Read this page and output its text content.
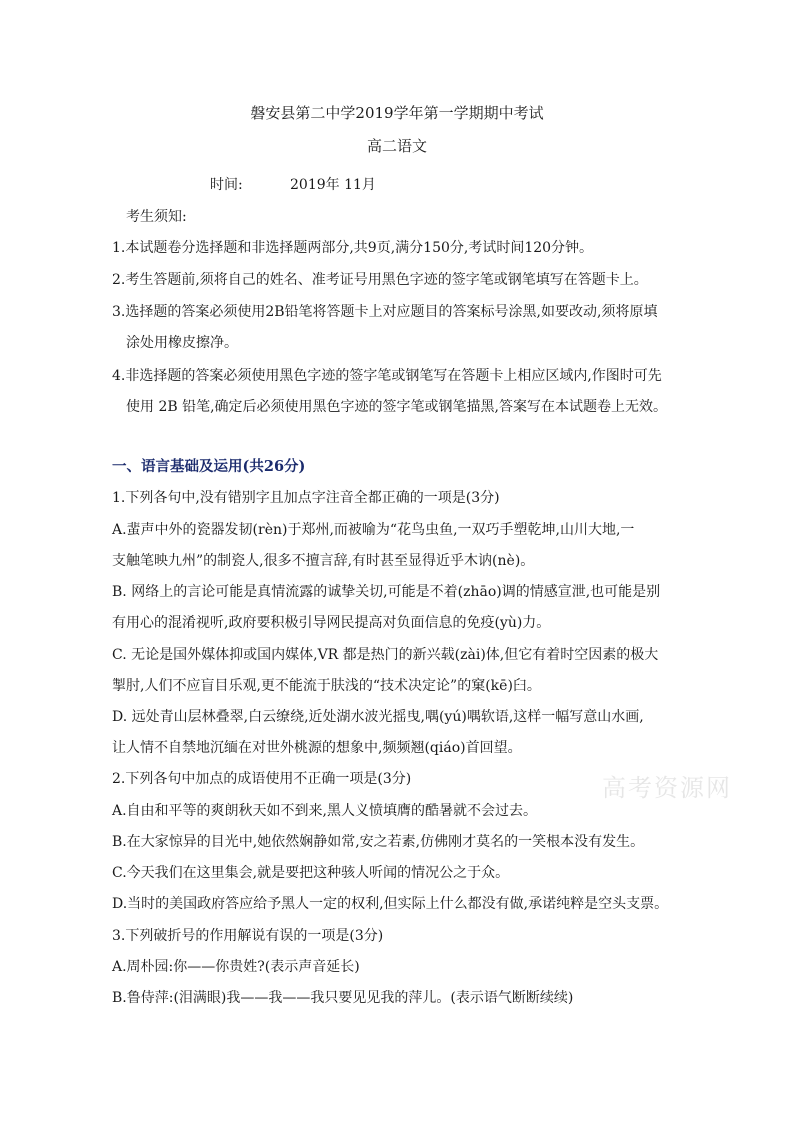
磐安县第二中学2019学年第一学期期中考试
高二语文
时间:	2019年 11月
考生须知:
1.本试题卷分选择题和非选择题两部分,共9页,满分150分,考试时间120分钟。
2.考生答题前,须将自己的姓名、准考证号用黑色字迹的签字笔或钢笔填写在答题卡上。
3.选择题的答案必须使用2B铅笔将答题卡上对应题目的答案标号涂黑,如要改动,须将原填
涂处用橡皮擦净。
4.非选择题的答案必须使用黑色字迹的签字笔或钢笔写在答题卡上相应区域内,作图时可先
使用 2B 铅笔,确定后必须使用黑色字迹的签字笔或钢笔描黑,答案写在本试题卷上无效。
一、语言基础及运用(共26分)
1.下列各句中,没有错别字且加点字注音全都正确的一项是(3分)
A.蜚声中外的瓷器发韧(rèn)于郑州,而被喻为“花鸟虫鱼,一双巧手塑乾坤,山川大地,一
支触笔映九州”的制瓷人,很多不擅言辞,有时甚至显得近乎木讷(nè)。
B. 网络上的言论可能是真情流露的诚挚关切,可能是不着(zhāo)调的情感宣泄,也可能是别
有用心的混淆视听,政府要积极引导网民提高对负面信息的免疫(yù)力。
C. 无论是国外媒体抑或国内媒体,VR 都是热门的新兴载(zài)体,但它有着时空因素的极大
掣肘,人们不应盲目乐观,更不能流于肤浅的“技术决定论”的窠(kē)臼。
D. 远处青山层林叠翠,白云缭绕,近处湖水波光摇曳,喁(yú)喁软语,这样一幅写意山水画,
让人情不自禁地沉缅在对世外桃源的想象中,频频翘(qiáo)首回望。
2.下列各句中加点的成语使用不正确一项是(3分)
A.自由和平等的爽朗秋天如不到来,黑人义愤填膺的酷暑就不会过去。
B.在大家惊异的目光中,她依然娴静如常,安之若素,仿佛刚才莫名的一笑根本没有发生。
C.今天我们在这里集会,就是要把这种骇人听闻的情况公之于众。
D.当时的美国政府答应给予黑人一定的权利,但实际上什么都没有做,承诺纯粹是空头支票。
3.下列破折号的作用解说有误的一项是(3分)
A.周朴园:你——你贵姓?(表示声音延长)
B.鲁侍萍:(泪满眼)我——我——我只要见见我的萍儿。(表示语气断断续续)
高考资源网
